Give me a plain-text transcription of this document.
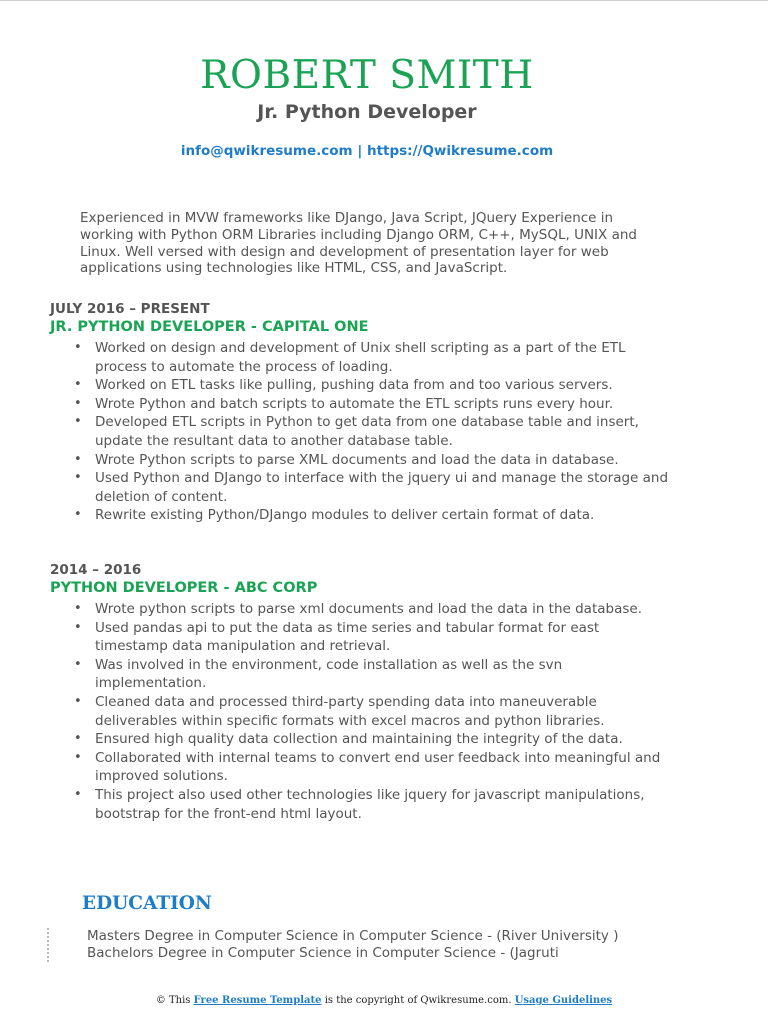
ROBERT SMITH
Jr. Python Developer
info@qwikresume.com | https://Qwikresume.com
Experienced in MVW frameworks like DJango, Java Script, JQuery Experience in working with Python ORM Libraries including Django ORM, C++, MySQL, UNIX and Linux. Well versed with design and development of presentation layer for web applications using technologies like HTML, CSS, and JavaScript.
JULY 2016 – PRESENT
JR. PYTHON DEVELOPER - CAPITAL ONE
• Worked on design and development of Unix shell scripting as a part of the ETL process to automate the process of loading.
• Worked on ETL tasks like pulling, pushing data from and too various servers.
• Wrote Python and batch scripts to automate the ETL scripts runs every hour.
• Developed ETL scripts in Python to get data from one database table and insert, update the resultant data to another database table.
• Wrote Python scripts to parse XML documents and load the data in database.
• Used Python and DJango to interface with the jquery ui and manage the storage and deletion of content.
• Rewrite existing Python/DJango modules to deliver certain format of data.
2014 – 2016
PYTHON DEVELOPER - ABC CORP
• Wrote python scripts to parse xml documents and load the data in the database.
• Used pandas api to put the data as time series and tabular format for east timestamp data manipulation and retrieval.
• Was involved in the environment, code installation as well as the svn implementation.
• Cleaned data and processed third-party spending data into maneuverable deliverables within specific formats with excel macros and python libraries.
• Ensured high quality data collection and maintaining the integrity of the data.
• Collaborated with internal teams to convert end user feedback into meaningful and improved solutions.
• This project also used other technologies like jquery for javascript manipulations, bootstrap for the front-end html layout.
EDUCATION
Masters Degree in Computer Science in Computer Science - (River University )
Bachelors Degree in Computer Science in Computer Science - (Jagruti
© This Free Resume Template is the copyright of Qwikresume.com. Usage Guidelines
